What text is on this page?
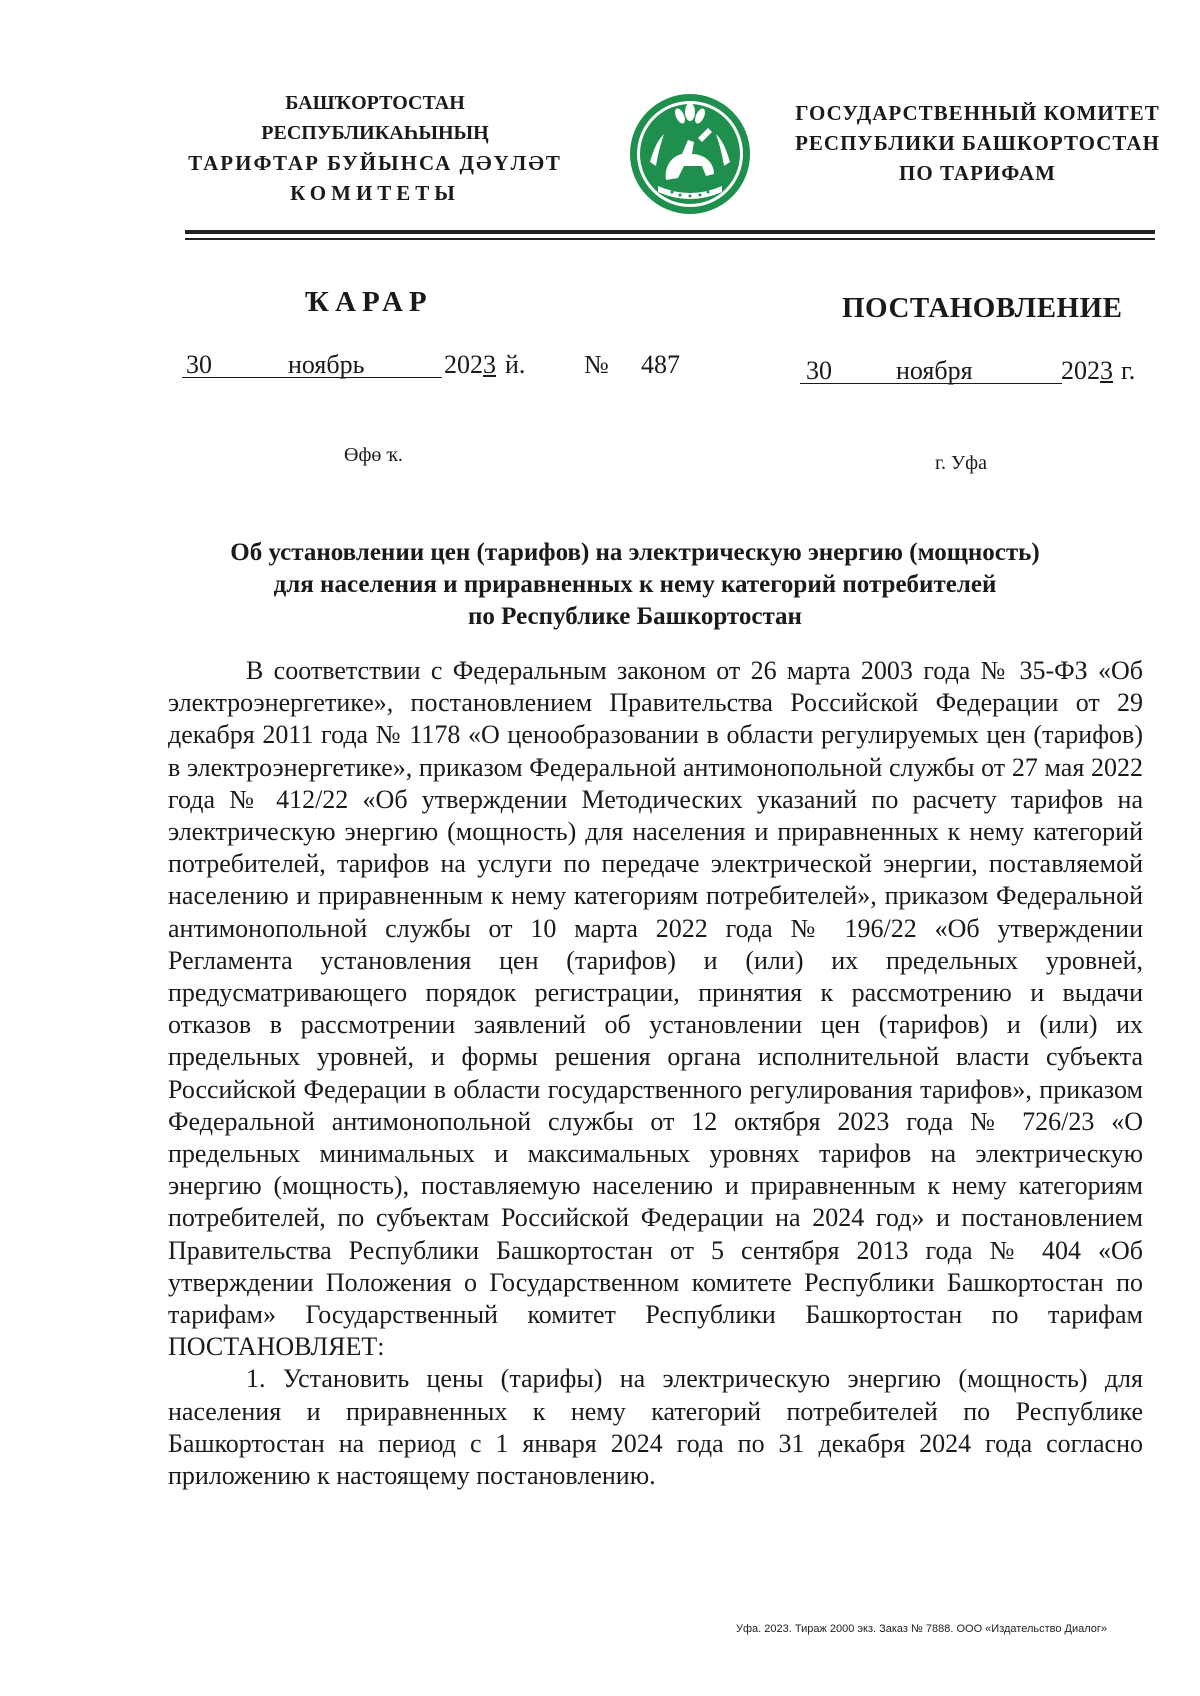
БАШҠОРТОСТАН РЕСПУБЛИКАҺЫНЫҢ
ТАРИФТАР БУЙЫНСА ДӘҮЛӘТ
КОМИТЕТЫ
ГОСУДАРСТВЕННЫЙ КОМИТЕТ
РЕСПУБЛИКИ БАШКОРТОСТАН
ПО ТАРИФАМ
ҠАРАР	ПОСТАНОВЛЕНИЕ
30	ноябрь	2023 й. № 487	30 ноября	2023 г.
Өфө ҡ.	г. Уфа
Об установлении цен (тарифов) на электрическую энергию (мощность)
для населения и приравненных к нему категорий потребителей
по Республике Башкортостан

В соответствии с Федеральным законом от 26 марта 2003 года № 35-ФЗ «Об электроэнергетике», постановлением Правительства Российской Федерации от 29 декабря 2011 года № 1178 «О ценообразовании в области регулируемых цен (тарифов) в электроэнергетике», приказом Федеральной антимонопольной службы от 27 мая 2022 года № 412/22 «Об утверждении Методических указаний по расчету тарифов на электрическую энергию (мощность) для населения и приравненных к нему категорий потребителей, тарифов на услуги по передаче электрической энергии, поставляемой населению и приравненным к нему категориям потребителей», приказом Федеральной антимонопольной службы от 10 марта 2022 года № 196/22 «Об утверждении Регламента установления цен (тарифов) и (или) их предельных уровней, предусматривающего порядок регистрации, принятия к рассмотрению и выдачи отказов в рассмотрении заявлений об установлении цен (тарифов) и (или) их предельных уровней, и формы решения органа исполнительной власти субъекта Российской Федерации в области государственного регулирования тарифов», приказом Федеральной антимонопольной службы от 12 октября 2023 года № 726/23 «О предельных минимальных и максимальных уровнях тарифов на электрическую энергию (мощность), поставляемую населению и приравненным к нему категориям потребителей, по субъектам Российской Федерации на 2024 год» и постановлением Правительства Республики Башкортостан от 5 сентября 2013 года № 404 «Об утверждении Положения о Государственном комитете Республики Башкортостан по тарифам» Государственный комитет Республики Башкортостан по тарифам ПОСТАНОВЛЯЕТ:

1. Установить цены (тарифы) на электрическую энергию (мощность) для населения и приравненных к нему категорий потребителей по Республике Башкортостан на период с 1 января 2024 года по 31 декабря 2024 года согласно приложению к настоящему постановлению.

Уфа. 2023. Тираж 2000 экз. Заказ № 7888. ООО «Издательство Диалог»
